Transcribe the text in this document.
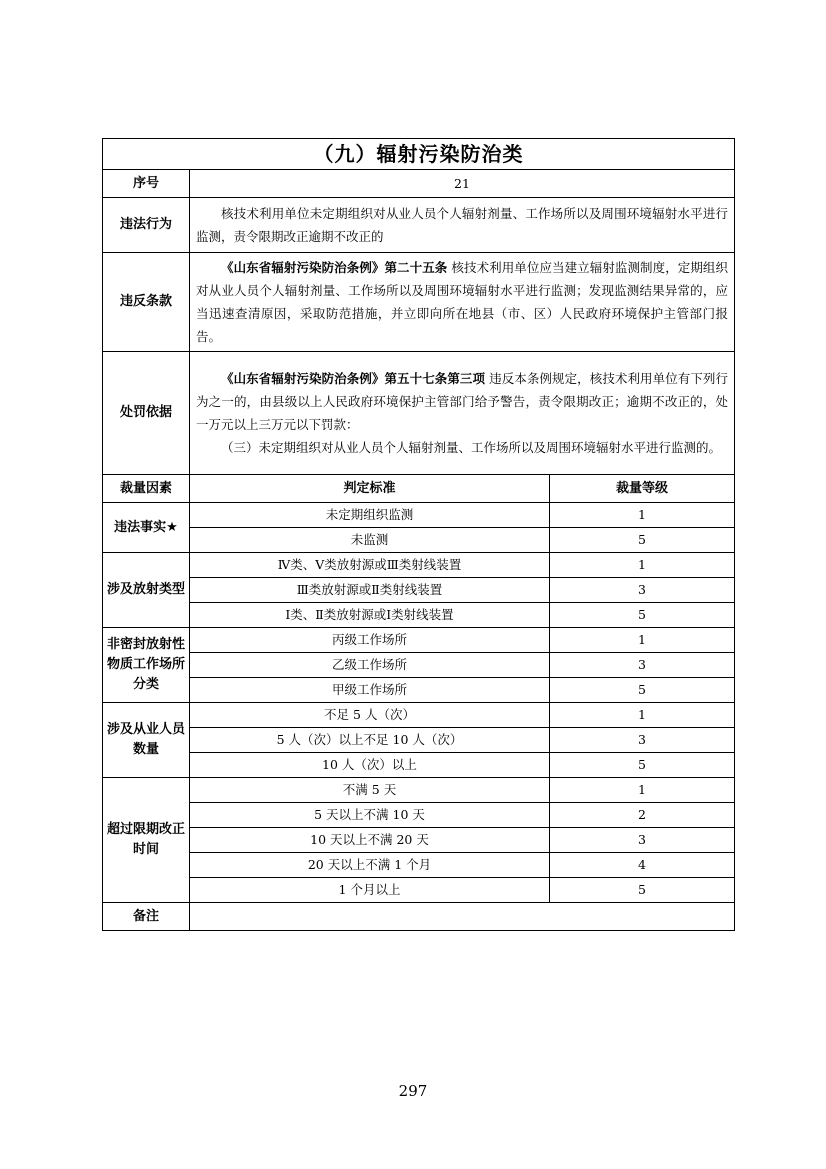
（九）辐射污染防治类		
序号	21	
违法行为	核技术利用单位未定期组织对从业人员个人辐射剂量、工作场所以及周围环境辐射水平进行监测，责令限期改正逾期不改正的	

违反条款	《山东省辐射污染防治条例》第二十五条 核技术利用单位应当建立辐射监测制度，定期组织对从业人员个人辐射剂量、工作场所以及周围环境辐射水平进行监测；发现监测结果异常的，应当迅速查清原因，采取防范措施，并立即向所在地县（市、区）人民政府环境保护主管部门报告。	

处罚依据	《山东省辐射污染防治条例》第五十七条第三项 违反本条例规定，核技术利用单位有下列行为之一的，由县级以上人民政府环境保护主管部门给予警告，责令限期改正；逾期不改正的，处一万元以上三万元以下罚款：

（三）未定期组织对从业人员个人辐射剂量、工作场所以及周围环境辐射水平进行监测的。	

裁量因素	判定标准	裁量等级
违法事实★	未定期组织监测	1
	未监测	5
涉及放射类型	Ⅳ类、Ⅴ类放射源或Ⅲ类射线装置	1
	Ⅲ类放射源或Ⅱ类射线装置	3
	Ⅰ类、Ⅱ类放射源或Ⅰ类射线装置	5
非密封放射性物质工作场所分类	丙级工作场所	1
	乙级工作场所	3
	甲级工作场所	5
涉及从业人员数量	不足 5 人（次）	1
	5 人（次）以上不足 10 人（次）	3
	10 人（次）以上	5
超过限期改正时间	不满 5 天	1
	5 天以上不满 10 天	2
	10 天以上不满 20 天	3
	20 天以上不满 1 个月	4
	1 个月以上	5
备注		
297
